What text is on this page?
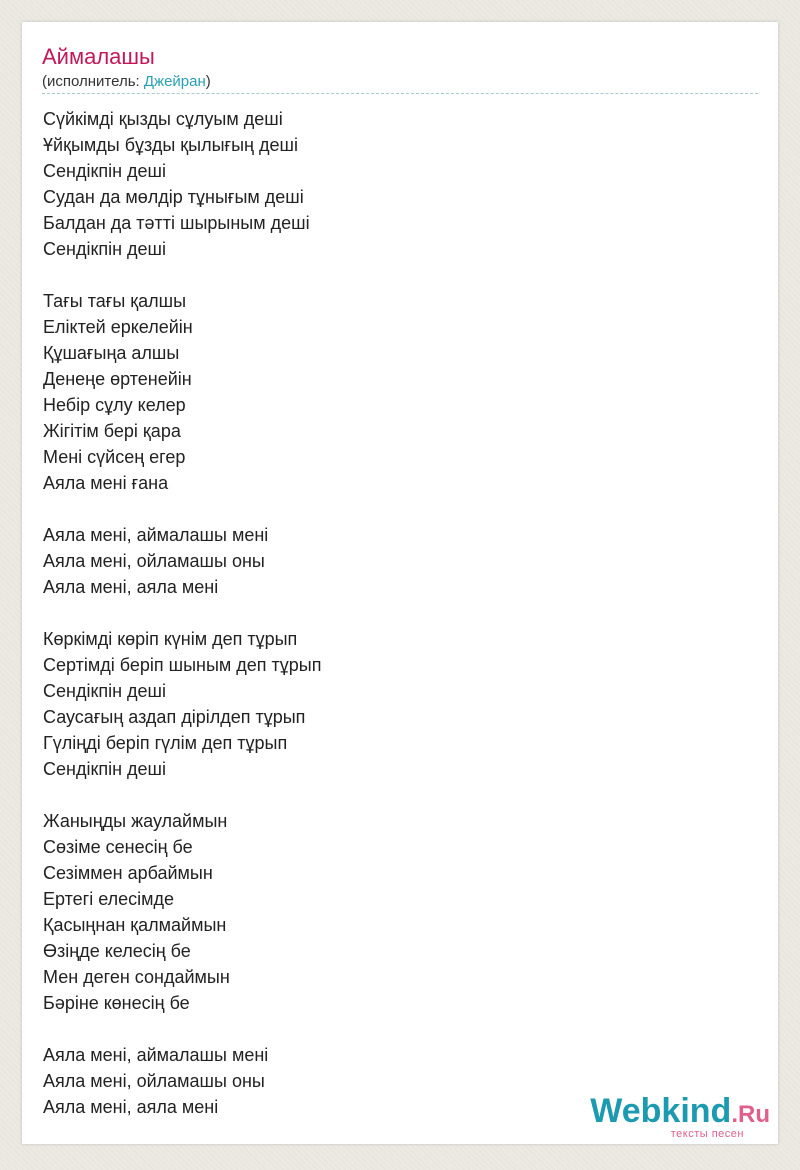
Аймалашы
(исполнитель: Джейран)
Сүйкімді қызды сұлуым деші
Ұйқымды бұзды қылығың деші
Сендікпін деші
Судан да мөлдір тұнығым деші
Балдан да тәтті шырыным деші
Сендікпін деші
Тағы тағы қалшы
Еліктей еркелейін
Құшағыңа алшы
Денеңе өртенейін
Небір сұлу келер
Жігітім бері қара
Мені сүйсең егер
Аяла мені ғана
Аяла мені, аймалашы мені
Аяла мені, ойламашы оны
Аяла мені, аяла мені
Көркімді көріп күнім деп тұрып
Сертімді беріп шыным деп тұрып
Сендікпін деші
Саусағың аздап дірілдеп тұрып
Гүліңді беріп гүлім деп тұрып
Сендікпін деші
Жаныңды жаулаймын
Сөзіме сенесің бе
Сезіммен арбаймын
Ертегі елесімде
Қасыңнан қалмаймын
Өзіңде келесің бе
Мен деген сондаймын
Бәріне көнесің бе
Аяла мені, аймалашы мені
Аяла мені, ойламашы оны
Аяла мені, аяла мені	Webkind.Ru
тексты песен
